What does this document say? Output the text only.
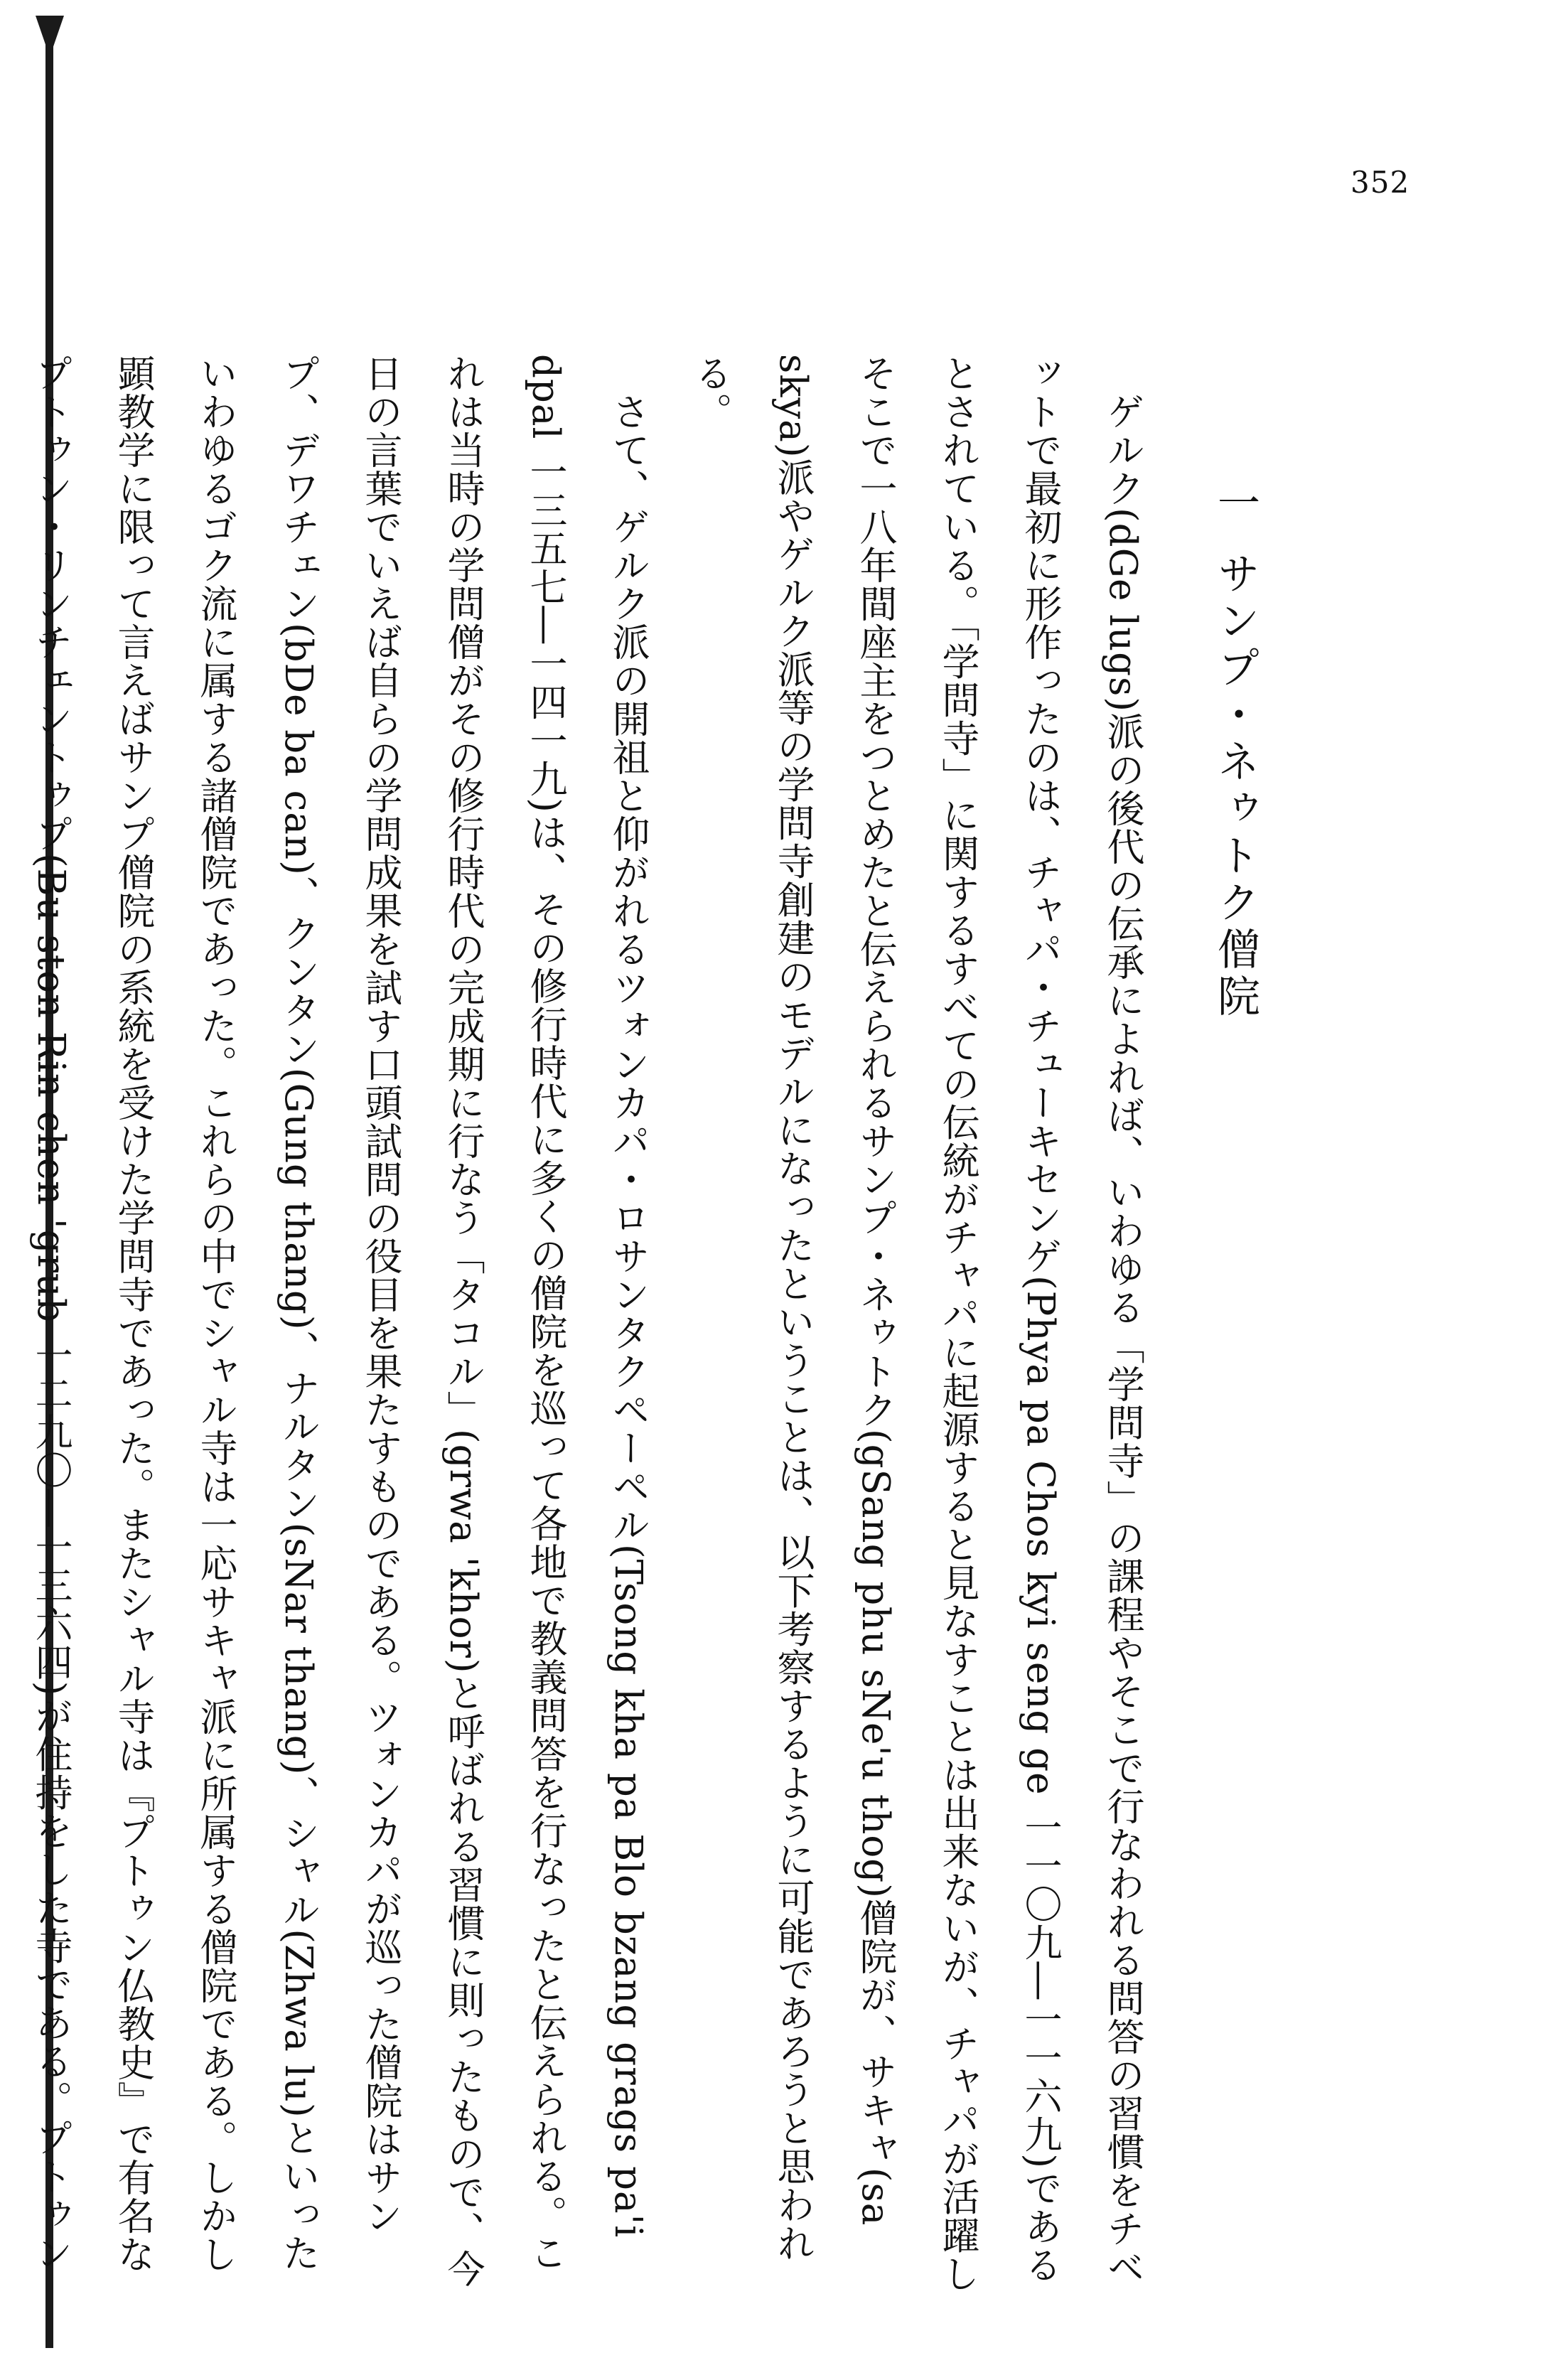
352
一サンプ・ネゥトク僧院

ゲルク(dGe lugs)派の後代の伝承によれば、いわゆる「学問寺」の課程やそこで行なわれる問答の習慣をチベットで最初に形作ったのは、チャパ・チューキセンゲ(Phya pa Chos kyi seng ge 一一〇九―一一六九)であるとされている。「学問寺」に関するすべての伝統がチャパに起源すると見なすことは出来ないが、チャパが活躍しそこで一八年間座主をつとめたと伝えられるサンプ・ネゥトク(gSang phu sNe'u thog)僧院が、サキャ(sa skya)派やゲルク派等の学問寺創建のモデルになったということは、以下考察するように可能であろうと思われる。

さて、ゲルク派の開祖と仰がれるツォンカパ・ロサンタクペーペル(Tsong kha pa Blo bzang grags pa'i dpal 一三五七―一四一九)は、その修行時代に多くの僧院を巡って各地で教義問答を行なったと伝えられる。これは当時の学問僧がその修行時代の完成期に行なう「タコル」(grwa 'khor)と呼ばれる習慣に則ったもので、今日の言葉でいえば自らの学問成果を試す口頭試問の役目を果たすものである。ツォンカパが巡った僧院はサンプ、デワチェン(bDe ba can)、クンタン(Gung thang)、ナルタン(sNar thang)、シャル(Zhwa lu)といったいわゆるゴク流に属する諸僧院であった。これらの中でシャル寺は一応サキャ派に所属する僧院である。しかし顕教学に限って言えばサンプ僧院の系統を受けた学問寺であった。またシャル寺は『プトゥン仏教史』で有名なプトゥン・リンチェントゥプ(Bu ston Rin chen 'grub 一二九〇―一三六四)が住持をした寺である。プトゥン
